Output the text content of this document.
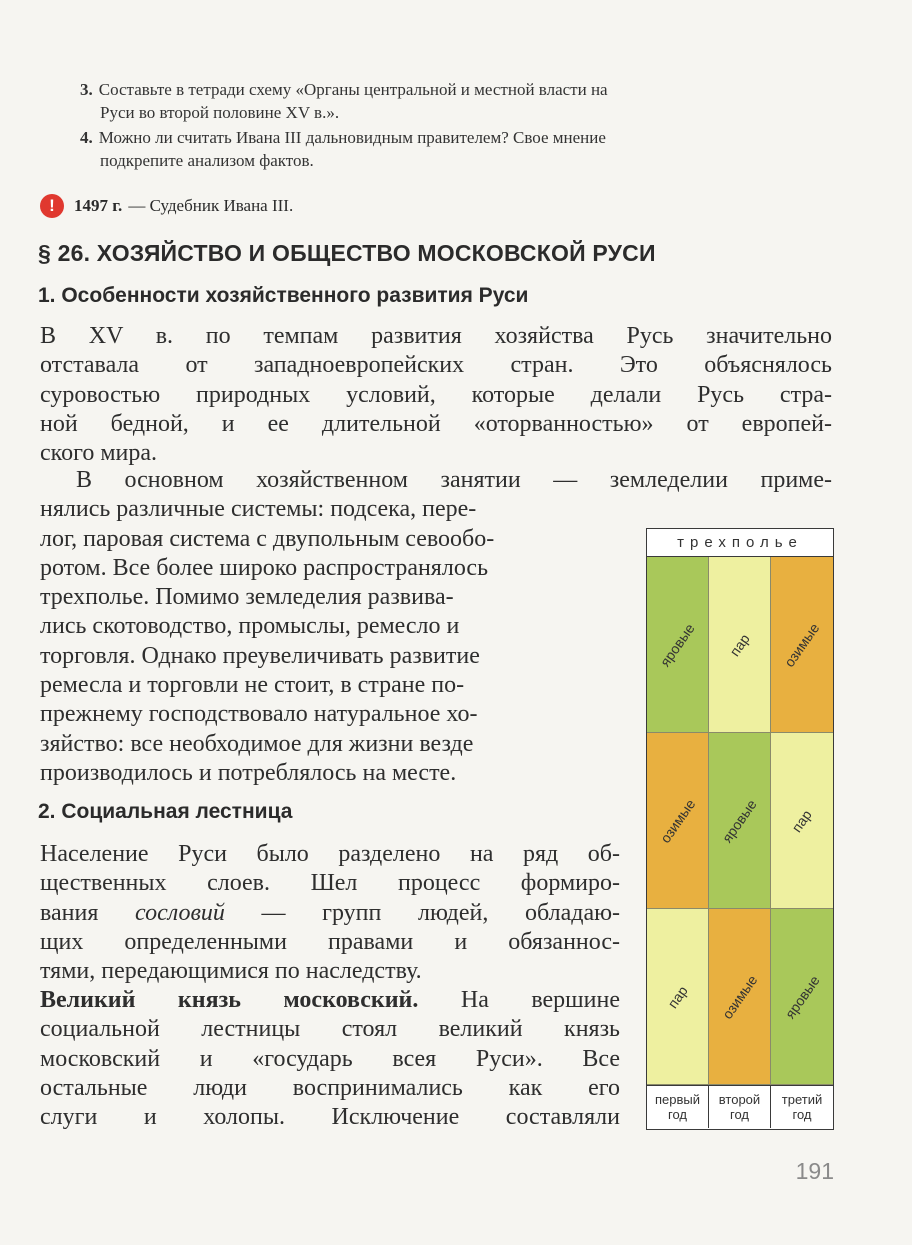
3. Составьте в тетради схему «Органы центральной и местной власти на
Руси во второй половине XV в.».
4. Можно ли считать Ивана III дальновидным правителем? Свое мнение
подкрепите анализом фактов.
!	1497 г. — Судебник Ивана III.
§ 26. ХОЗЯЙСТВО И ОБЩЕСТВО МОСКОВСКОЙ РУСИ
1. Особенности хозяйственного развития Руси
В XV в. по темпам развития хозяйства Русь значительно
отставала от западноевропейских стран. Это объяснялось
суровостью природных условий, которые делали Русь стра-
ной бедной, и ее длительной «оторванностью» от европей-
ского мира.
В основном хозяйственном занятии — земледелии приме-
нялись различные системы: подсека, пере-
лог, паровая система с двупольным севообо-
ротом. Все более широко распространялось
трехполье. Помимо земледелия развива-
лись скотоводство, промыслы, ремесло и
торговля. Однако преувеличивать развитие
ремесла и торговли не стоит, в стране по-
прежнему господствовало натуральное хо-
зяйство: все необходимое для жизни везде
производилось и потреблялось на месте.
2. Социальная лестница
Население Руси было разделено на ряд об-
щественных слоев. Шел процесс формиро-
вания сословий — групп людей, обладаю-
щих определенными правами и обязаннос-
тями, передающимися по наследству.
Великий князь московский. На вершине
социальной лестницы стоял великий князь
московский и «государь всея Руси». Все
остальные люди воспринимались как его
слуги и холопы. Исключение составляли
трехполье
яровые пар озимые
озимые яровые пар
пар озимые яровые
первый
год
второй
год
третий
год
191
